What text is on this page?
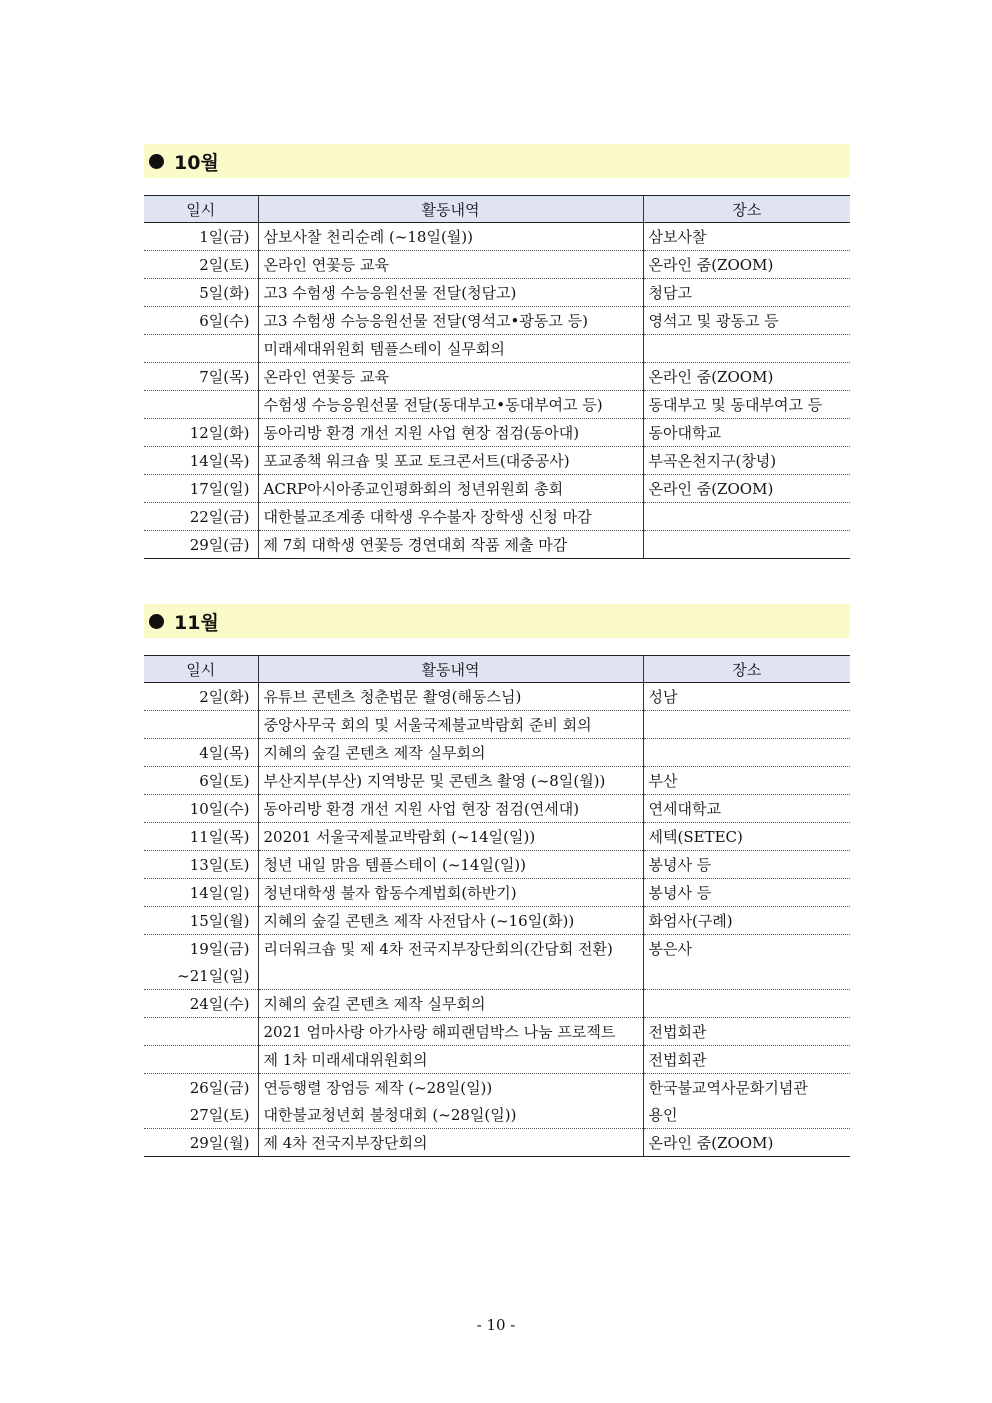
10월
일시	활동내역	장소
1일(금)	삼보사찰 천리순례 (~18일(월))	삼보사찰
2일(토)	온라인 연꽃등 교육	온라인 줌(ZOOM)
5일(화)	고3 수험생 수능응원선물 전달(청담고)	청담고
6일(수)	고3 수험생 수능응원선물 전달(영석고•광동고 등)	영석고 및 광동고 등
	미래세대위원회 템플스테이 실무회의	
7일(목)	온라인 연꽃등 교육	온라인 줌(ZOOM)
	수험생 수능응원선물 전달(동대부고•동대부여고 등)	동대부고 및 동대부여고 등
12일(화)	동아리방 환경 개선 지원 사업 현장 점검(동아대)	동아대학교
14일(목)	포교종책 워크숍 및 포교 토크콘서트(대중공사)	부곡온천지구(창녕)
17일(일)	ACRP아시아종교인평화회의 청년위원회 총회	온라인 줌(ZOOM)
22일(금)	대한불교조계종 대학생 우수불자 장학생 신청 마감	
29일(금)	제 7회 대학생 연꽃등 경연대회 작품 제출 마감	
11월
일시	활동내역	장소
2일(화)	유튜브 콘텐츠 청춘법문 촬영(해동스님)	성남
	중앙사무국 회의 및 서울국제불교박람회 준비 회의	
4일(목)	지혜의 숲길 콘텐츠 제작 실무회의	
6일(토)	부산지부(부산) 지역방문 및 콘텐츠 촬영 (~8일(월))	부산
10일(수)	동아리방 환경 개선 지원 사업 현장 점검(연세대)	연세대학교
11일(목)	20201 서울국제불교박람회 (~14일(일))	세텍(SETEC)
13일(토)	청년 내일 맑음 템플스테이 (~14일(일))	봉녕사 등
14일(일)	청년대학생 불자 합동수계법회(하반기)	봉녕사 등
15일(월)	지혜의 숲길 콘텐츠 제작 사전답사 (~16일(화))	화엄사(구례)
19일(금)	리더워크숍 및 제 4차 전국지부장단회의(간담회 전환)	봉은사
~21일(일)		
24일(수)	지혜의 숲길 콘텐츠 제작 실무회의	
	2021 엄마사랑 아가사랑 해피랜덤박스 나눔 프로젝트	전법회관
	제 1차 미래세대위원회의	전법회관
26일(금)	연등행렬 장엄등 제작 (~28일(일))	한국불교역사문화기념관
27일(토)	대한불교청년회 불청대회 (~28일(일))	용인
29일(월)	제 4차 전국지부장단회의	온라인 줌(ZOOM)
- 10 -
